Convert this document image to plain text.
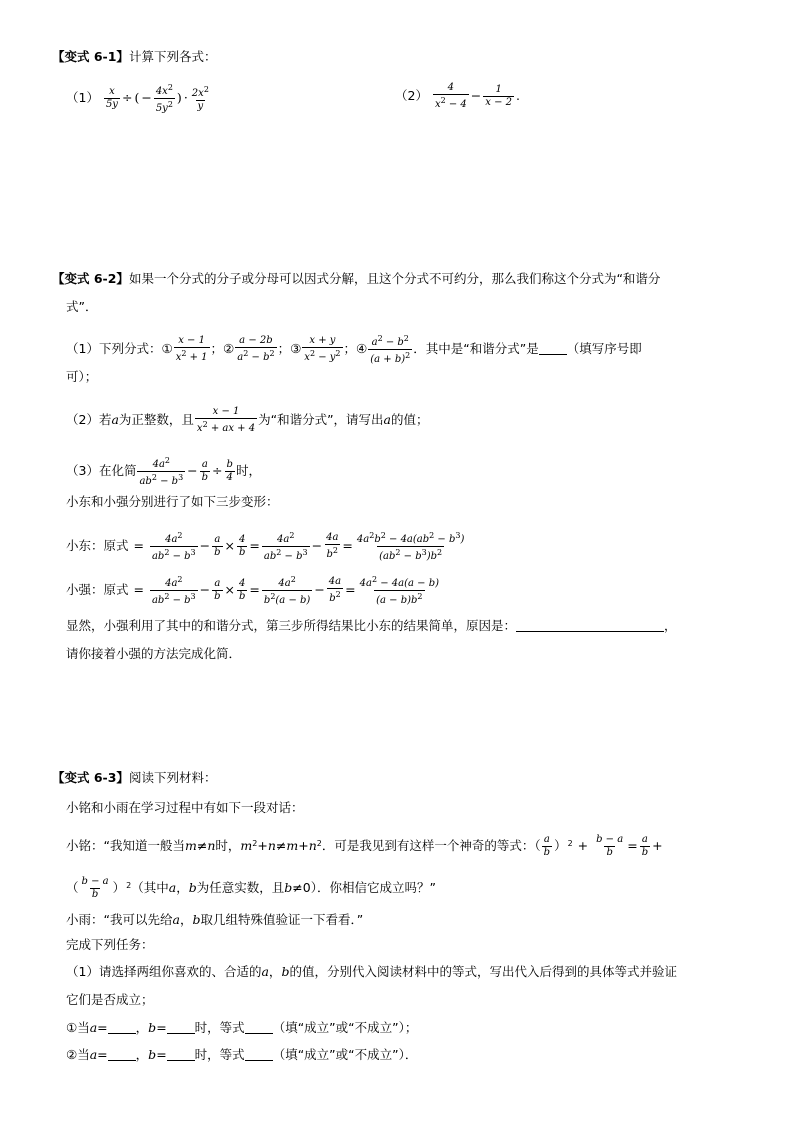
【变式 6-1】计算下列各式：
$(1) \frac{x}{5y}$ ÷ ( − $\frac{4x^2}{5y^2}$ ) · $\frac{2x^2}{y}$	$(2) \frac{4}{x^2 - 4} - \frac{1}{x - 2}$ .
【变式 6-2】如果一个分式的分子或分母可以因式分解，且这个分式不可约分，那么我们称这个分式为“和谐分
式”．
（1）下列分式：① $\frac{x - 1}{x^2 + 1}$ ；② $\frac{a - 2b}{a^2 - b^2}$ ；③ $\frac{x + y}{x^2 - y^2}$ ；④ $\frac{a^2 - b^2}{(a + b)^2}$ ．其中是“和谐分式”是 （填写序号即
可）；
（2）若a为正整数，且 $\frac{x - 1}{x^2 + ax + 4}$ 为“和谐分式”，请写出a的值；
（3）在化简 $\frac{4a^2}{ab^2 - b^3} - \frac{a}{b} \div \frac{b}{4}$ 时，
小东和小强分别进行了如下三步变形：
小东：原式 = $\frac{4a^2}{ab^2 - b^3} - \frac{a}{b} \times \frac{4}{b} = \frac{4a^2}{ab^2 - b^3} - \frac{4a}{b^2} = \frac{4a^2b^2 - 4a(ab^2 - b^3)}{(ab^2 - b^3)b^2}$
小强：原式 = $\frac{4a^2}{ab^2 - b^3} - \frac{a}{b} \times \frac{4}{b} = \frac{4a^2}{b^2(a - b)} - \frac{4a}{b^2} = \frac{4a^2 - 4a(a - b)}{(a - b)b^2}$
显然，小强利用了其中的和谐分式，第三步所得结果比小东的结果简单，原因是：	，
请你接着小强的方法完成化简．
【变式 6-3】阅读下列材料：
小铭和小雨在学习过程中有如下一段对话：
小铭：“我知道一般当m≠n时，$m^2+n\ne m+n^2$．可是我见到有这样一个神奇的等式：（ $\frac{a}{b} )^2 + \frac{b - a}{b} = \frac{a}{b}$ +
（ $\frac{b - a}{b} )^2$（其中a，b为任意实数，且b≠0）．你相信它成立吗？”
小雨：“我可以先给a，b取几组特殊值验证一下看看．”
完成下列任务：
（1）请选择两组你喜欢的、合适的a，b的值，分别代入阅读材料中的等式，写出代入后得到的具体等式并验证
它们是否成立；
①当a= ，b= 时，等式 （填“成立”或“不成立”）；
②当a= ，b= 时，等式 （填“成立”或“不成立”）．
